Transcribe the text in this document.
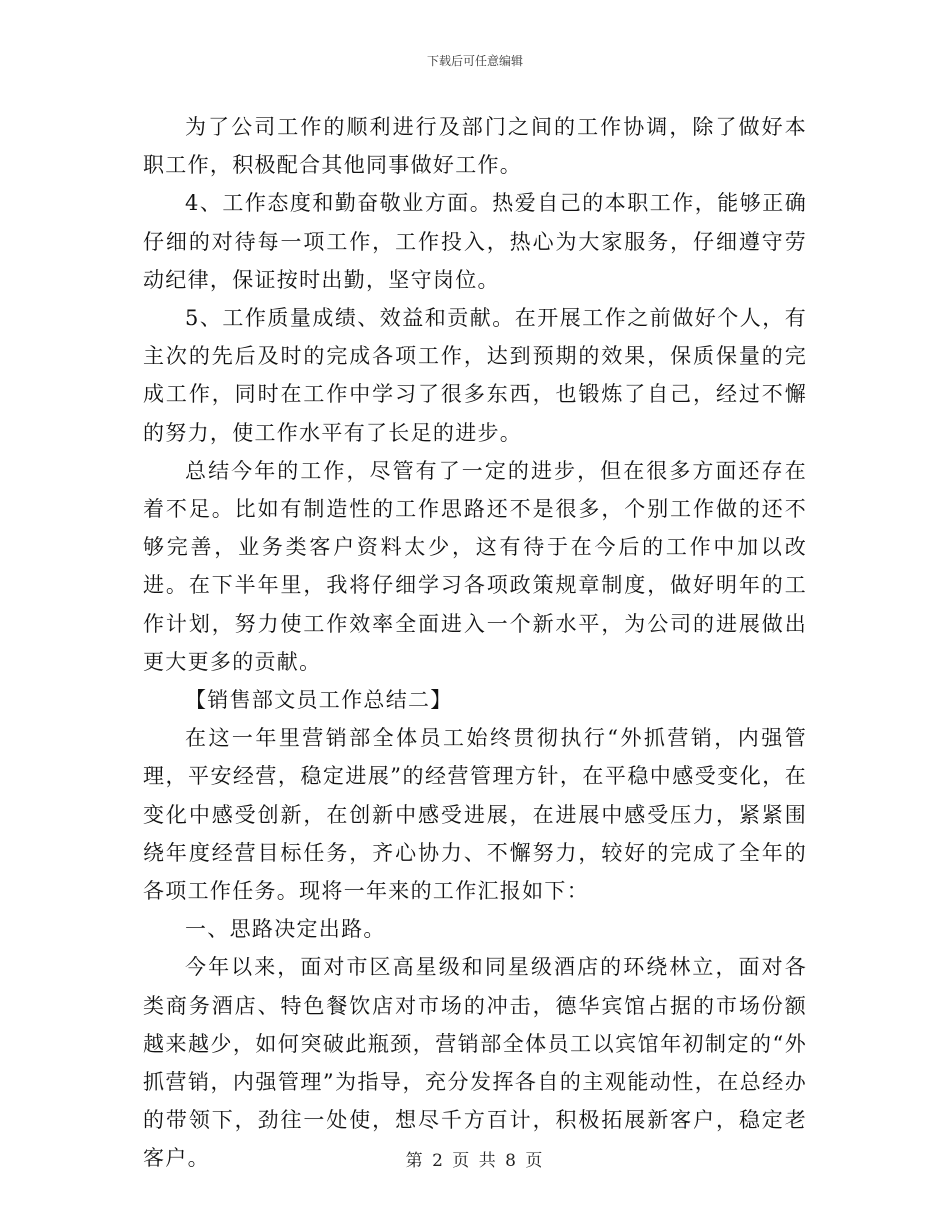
下载后可任意编辑

为了公司工作的顺利进行及部门之间的工作协调，除了做好本职工作，积极配合其他同事做好工作。

4、工作态度和勤奋敬业方面。热爱自己的本职工作，能够正确仔细的对待每一项工作，工作投入，热心为大家服务，仔细遵守劳动纪律，保证按时出勤，坚守岗位。

5、工作质量成绩、效益和贡献。在开展工作之前做好个人，有主次的先后及时的完成各项工作，达到预期的效果，保质保量的完成工作，同时在工作中学习了很多东西，也锻炼了自己，经过不懈的努力，使工作水平有了长足的进步。

总结今年的工作，尽管有了一定的进步，但在很多方面还存在着不足。比如有制造性的工作思路还不是很多，个别工作做的还不够完善，业务类客户资料太少，这有待于在今后的工作中加以改进。在下半年里，我将仔细学习各项政策规章制度，做好明年的工作计划，努力使工作效率全面进入一个新水平，为公司的进展做出更大更多的贡献。

【销售部文员工作总结二】

在这一年里营销部全体员工始终贯彻执行“外抓营销，内强管理，平安经营，稳定进展”的经营管理方针，在平稳中感受变化，在变化中感受创新，在创新中感受进展，在进展中感受压力，紧紧围绕年度经营目标任务，齐心协力、不懈努力，较好的完成了全年的各项工作任务。现将一年来的工作汇报如下：

一、思路决定出路。

今年以来，面对市区高星级和同星级酒店的环绕林立，面对各类商务酒店、特色餐饮店对市场的冲击，德华宾馆占据的市场份额越来越少，如何突破此瓶颈，营销部全体员工以宾馆年初制定的“外抓营销，内强管理”为指导，充分发挥各自的主观能动性，在总经办的带领下，劲往一处使，想尽千方百计，积极拓展新客户，稳定老客户。	第 2 页 共 8 页
